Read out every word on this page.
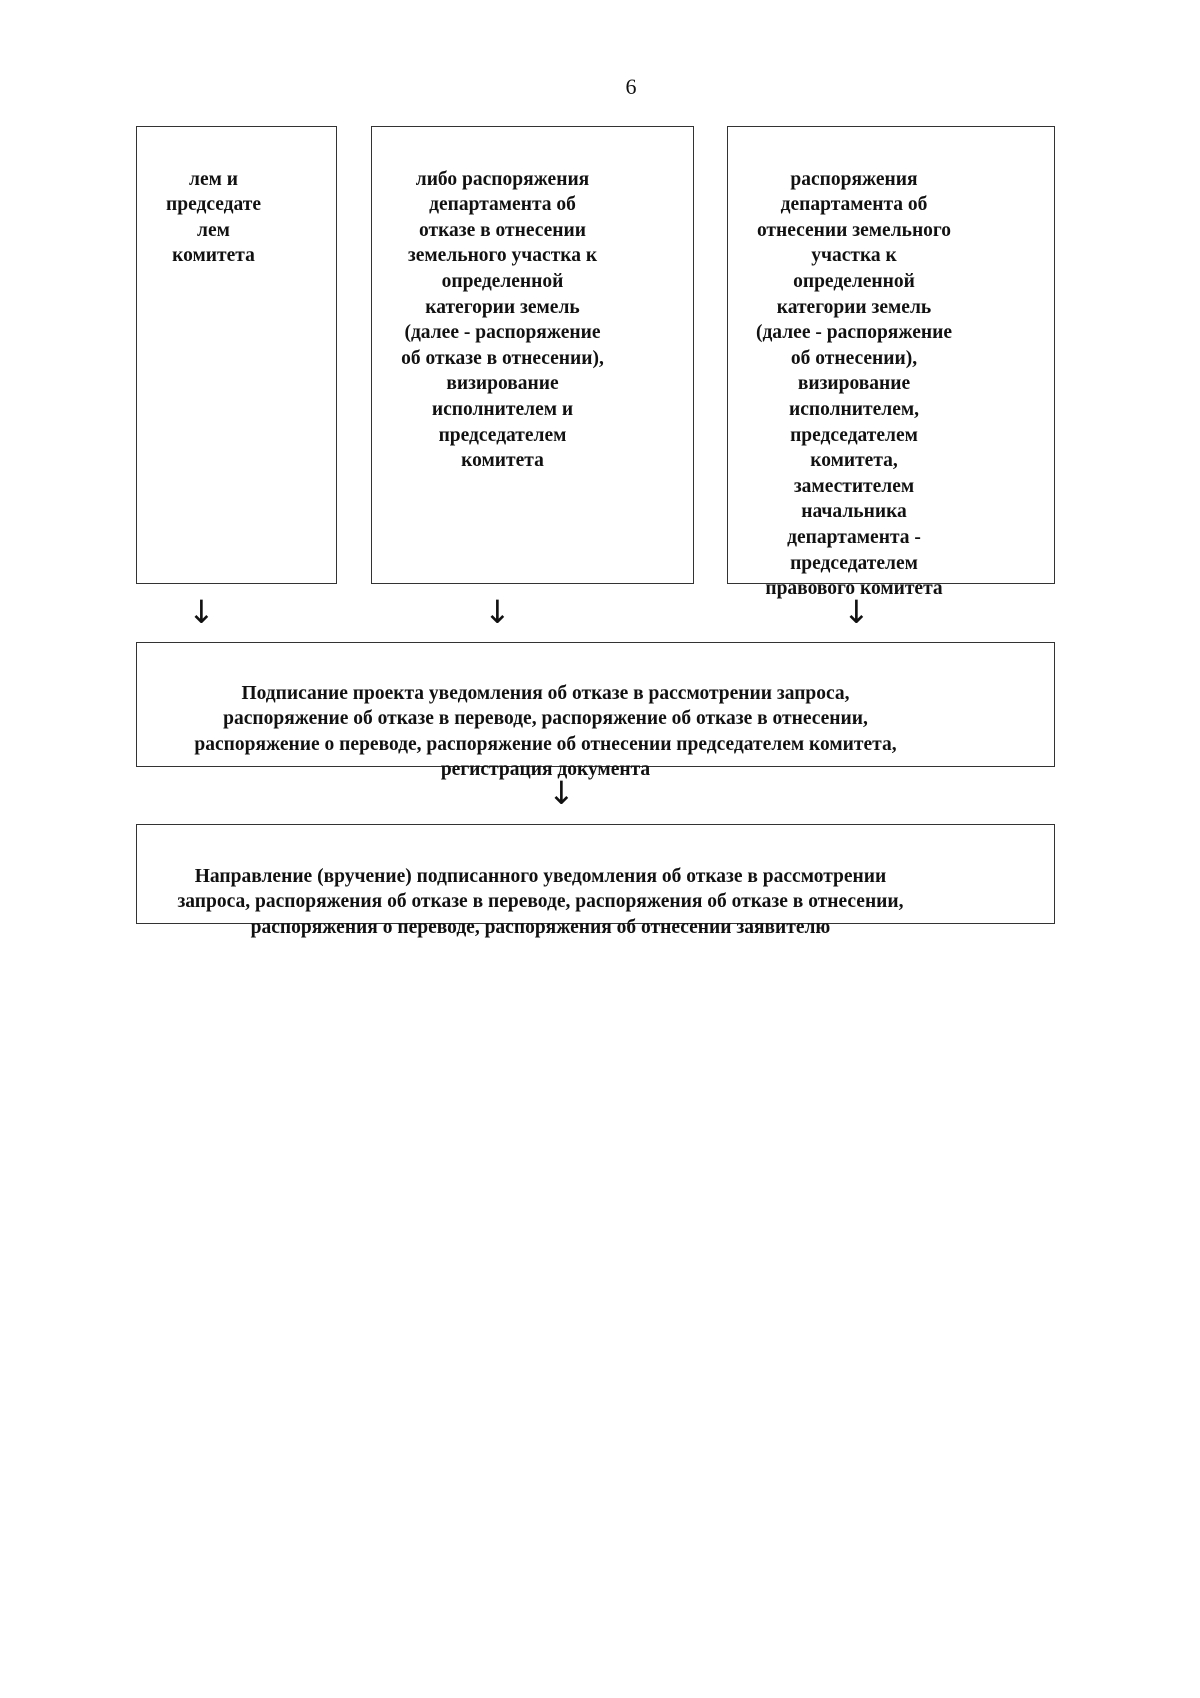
6

лем и
председате
лем
комитета

либо распоряжения
департамента об
отказе в отнесении
земельного участка к
определенной
категории земель
(далее - распоряжение
об отказе в отнесении),
визирование
исполнителем и
председателем
комитета

распоряжения
департамента об
отнесении земельного
участка к
определенной
категории земель
(далее - распоряжение
об отнесении),
визирование
исполнителем,
председателем
комитета,
заместителем
начальника
департамента -
председателем
правового комитета

↓	↓	↓

Подписание проекта уведомления об отказе в рассмотрении запроса,
распоряжение об отказе в переводе, распоряжение об отказе в отнесении,
распоряжение о переводе, распоряжение об отнесении председателем комитета,
регистрация документа

↓

Направление (вручение) подписанного уведомления об отказе в рассмотрении
запроса, распоряжения об отказе в переводе, распоряжения об отказе в отнесении,
распоряжения о переводе, распоряжения об отнесении заявителю
